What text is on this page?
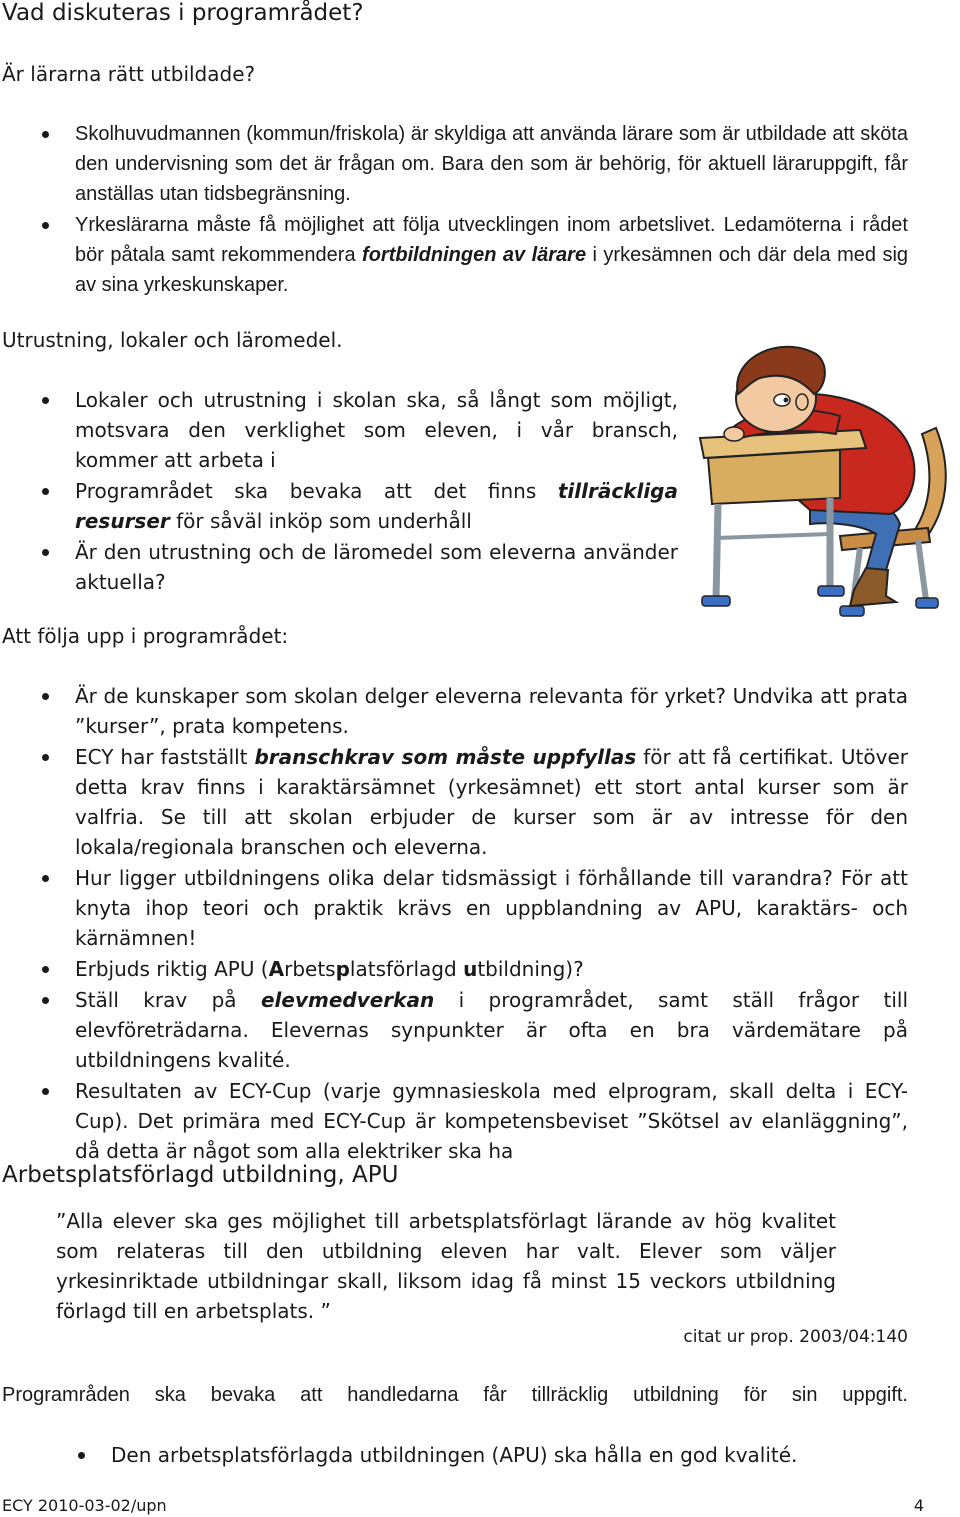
Vad diskuteras i programrådet?
Är lärarna rätt utbildade?
Skolhuvudmannen (kommun/friskola) är skyldiga att använda lärare som är utbildade att sköta den undervisning som det är frågan om. Bara den som är behörig, för aktuell läraruppgift, får anställas utan tidsbegränsning.
Yrkeslärarna måste få möjlighet att följa utvecklingen inom arbetslivet. Ledamöterna i rådet bör påtala samt rekommendera fortbildningen av lärare i yrkesämnen och där dela med sig av sina yrkeskunskaper.
Utrustning, lokaler och läromedel.
Lokaler och utrustning i skolan ska, så långt som möjligt, motsvara den verklighet som eleven, i vår bransch, kommer att arbeta i
Programrådet ska bevaka att det finns tillräckliga resurser för såväl inköp som underhåll
Är den utrustning och de läromedel som eleverna använder aktuella?
Att följa upp i programrådet:
Är de kunskaper som skolan delger eleverna relevanta för yrket? Undvika att prata ”kurser”, prata kompetens.
ECY har fastställt branschkrav som måste uppfyllas för att få certifikat. Utöver detta krav finns i karaktärsämnet (yrkesämnet) ett stort antal kurser som är valfria. Se till att skolan erbjuder de kurser som är av intresse för den lokala/regionala branschen och eleverna.
Hur ligger utbildningens olika delar tidsmässigt i förhållande till varandra? För att knyta ihop teori och praktik krävs en uppblandning av APU, karaktärs- och kärnämnen!
Erbjuds riktig APU (Arbetsplatsförlagd utbildning)?
Ställ krav på elevmedverkan i programrådet, samt ställ frågor till elevföreträdarna. Elevernas synpunkter är ofta en bra värdemätare på utbildningens kvalité.
Resultaten av ECY-Cup (varje gymnasieskola med elprogram, skall delta i ECY-Cup). Det primära med ECY-Cup är kompetensbeviset ”Skötsel av elanläggning”, då detta är något som alla elektriker ska ha
Arbetsplatsförlagd utbildning, APU

”Alla elever ska ges möjlighet till arbetsplatsförlagt lärande av hög kvalitet som relateras till den utbildning eleven har valt. Elever som väljer yrkesinriktade utbildningar skall, liksom idag få minst 15 veckors utbildning förlagd till en arbetsplats. ”

citat ur prop. 2003/04:140

Programråden ska bevaka att handledarna får tillräcklig utbildning för sin uppgift.

Den arbetsplatsförlagda utbildningen (APU) ska hålla en god kvalité.
ECY 2010-03-02/upn	4
